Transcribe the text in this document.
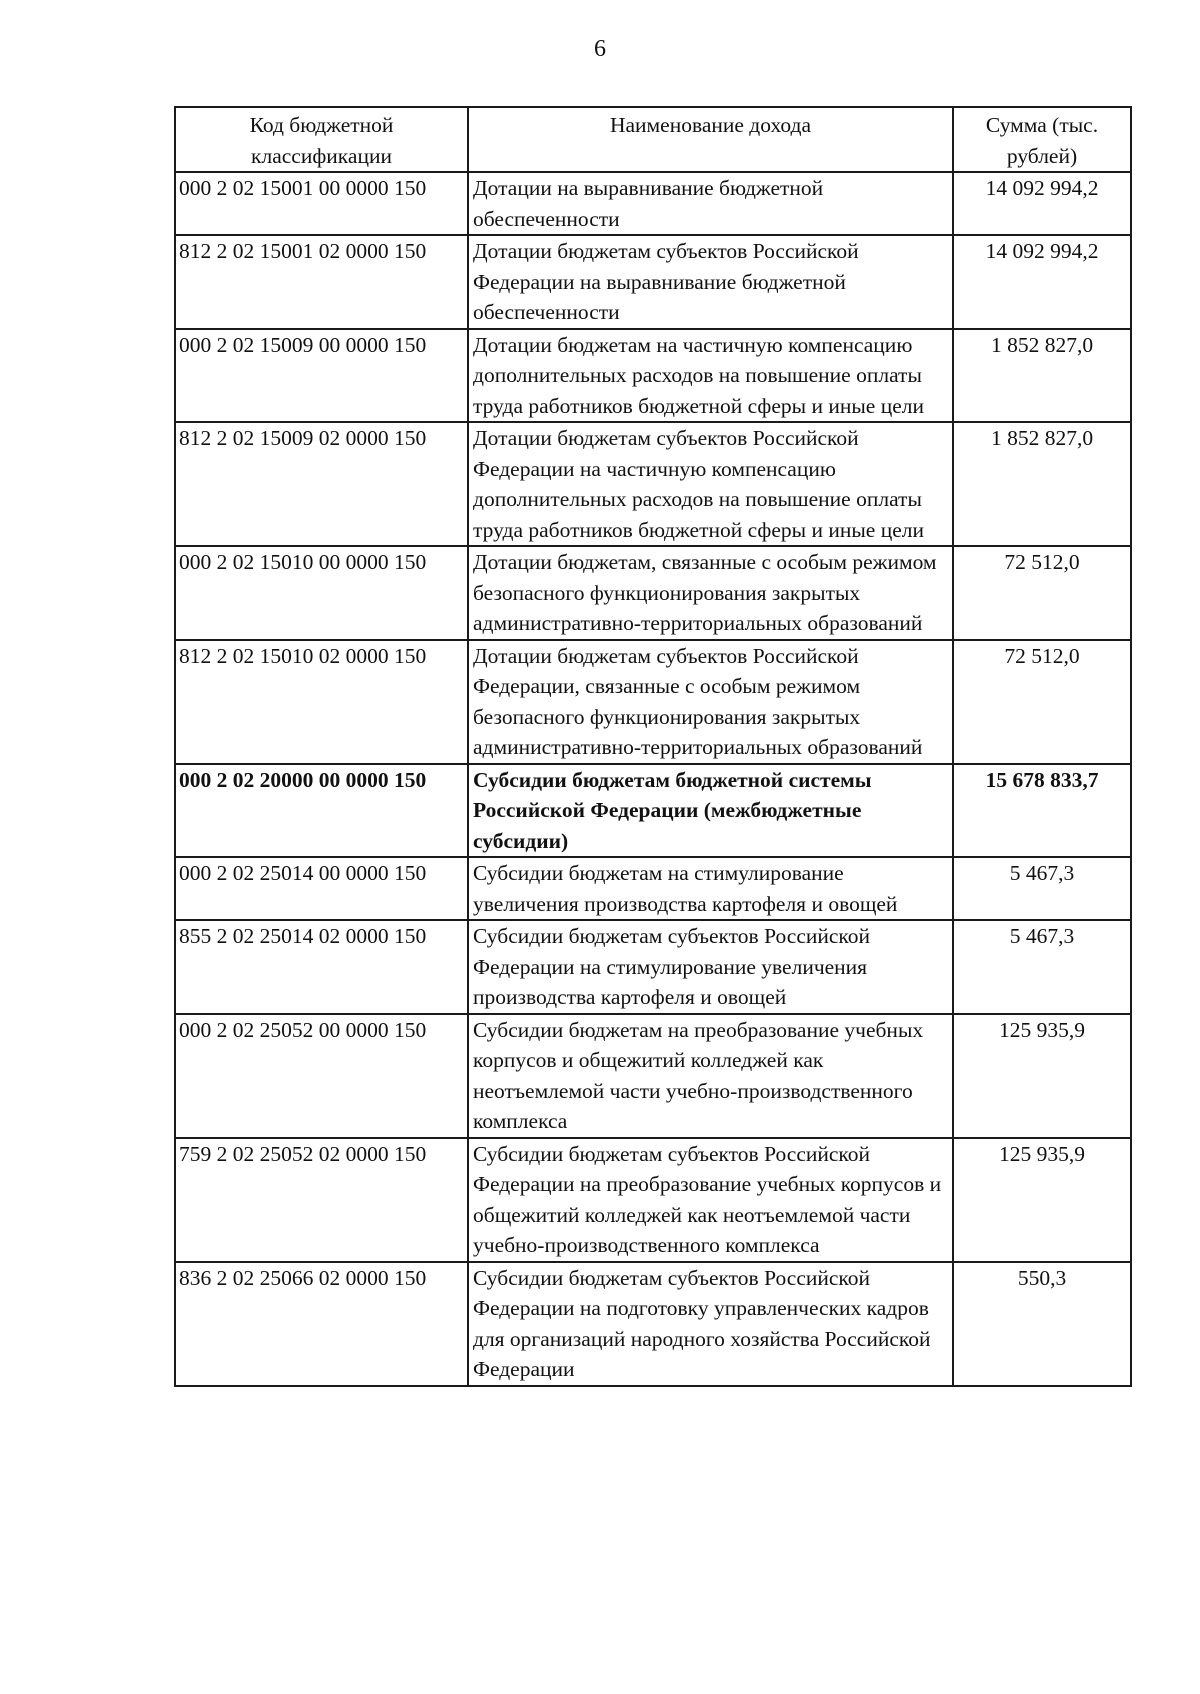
6
Код бюджетной классификации	Наименование дохода	Сумма (тыс. рублей)

000 2 02 15001 00 0000 150	Дотации на выравнивание бюджетной обеспеченности	14 092 994,2
812 2 02 15001 02 0000 150	Дотации бюджетам субъектов Российской Федерации на выравнивание бюджетной обеспеченности	14 092 994,2
000 2 02 15009 00 0000 150	Дотации бюджетам на частичную компенсацию дополнительных расходов на повышение оплаты труда работников бюджетной сферы и иные цели	1 852 827,0
812 2 02 15009 02 0000 150	Дотации бюджетам субъектов Российской Федерации на частичную компенсацию дополнительных расходов на повышение оплаты труда работников бюджетной сферы и иные цели	1 852 827,0
000 2 02 15010 00 0000 150	Дотации бюджетам, связанные с особым режимом безопасного функционирования закрытых административно-территориальных образований	72 512,0
812 2 02 15010 02 0000 150	Дотации бюджетам субъектов Российской Федерации, связанные с особым режимом безопасного функционирования закрытых административно-территориальных образований	72 512,0
000 2 02 20000 00 0000 150	Субсидии бюджетам бюджетной системы Российской Федерации (межбюджетные субсидии)	15 678 833,7
000 2 02 25014 00 0000 150	Субсидии бюджетам на стимулирование увеличения производства картофеля и овощей	5 467,3
855 2 02 25014 02 0000 150	Субсидии бюджетам субъектов Российской Федерации на стимулирование увеличения производства картофеля и овощей	5 467,3
000 2 02 25052 00 0000 150	Субсидии бюджетам на преобразование учебных корпусов и общежитий колледжей как неотъемлемой части учебно-производственного комплекса	125 935,9
759 2 02 25052 02 0000 150	Субсидии бюджетам субъектов Российской Федерации на преобразование учебных корпусов и общежитий колледжей как неотъемлемой части учебно-производственного комплекса	125 935,9
836 2 02 25066 02 0000 150	Субсидии бюджетам субъектов Российской Федерации на подготовку управленческих кадров для организаций народного хозяйства Российской Федерации	550,3
